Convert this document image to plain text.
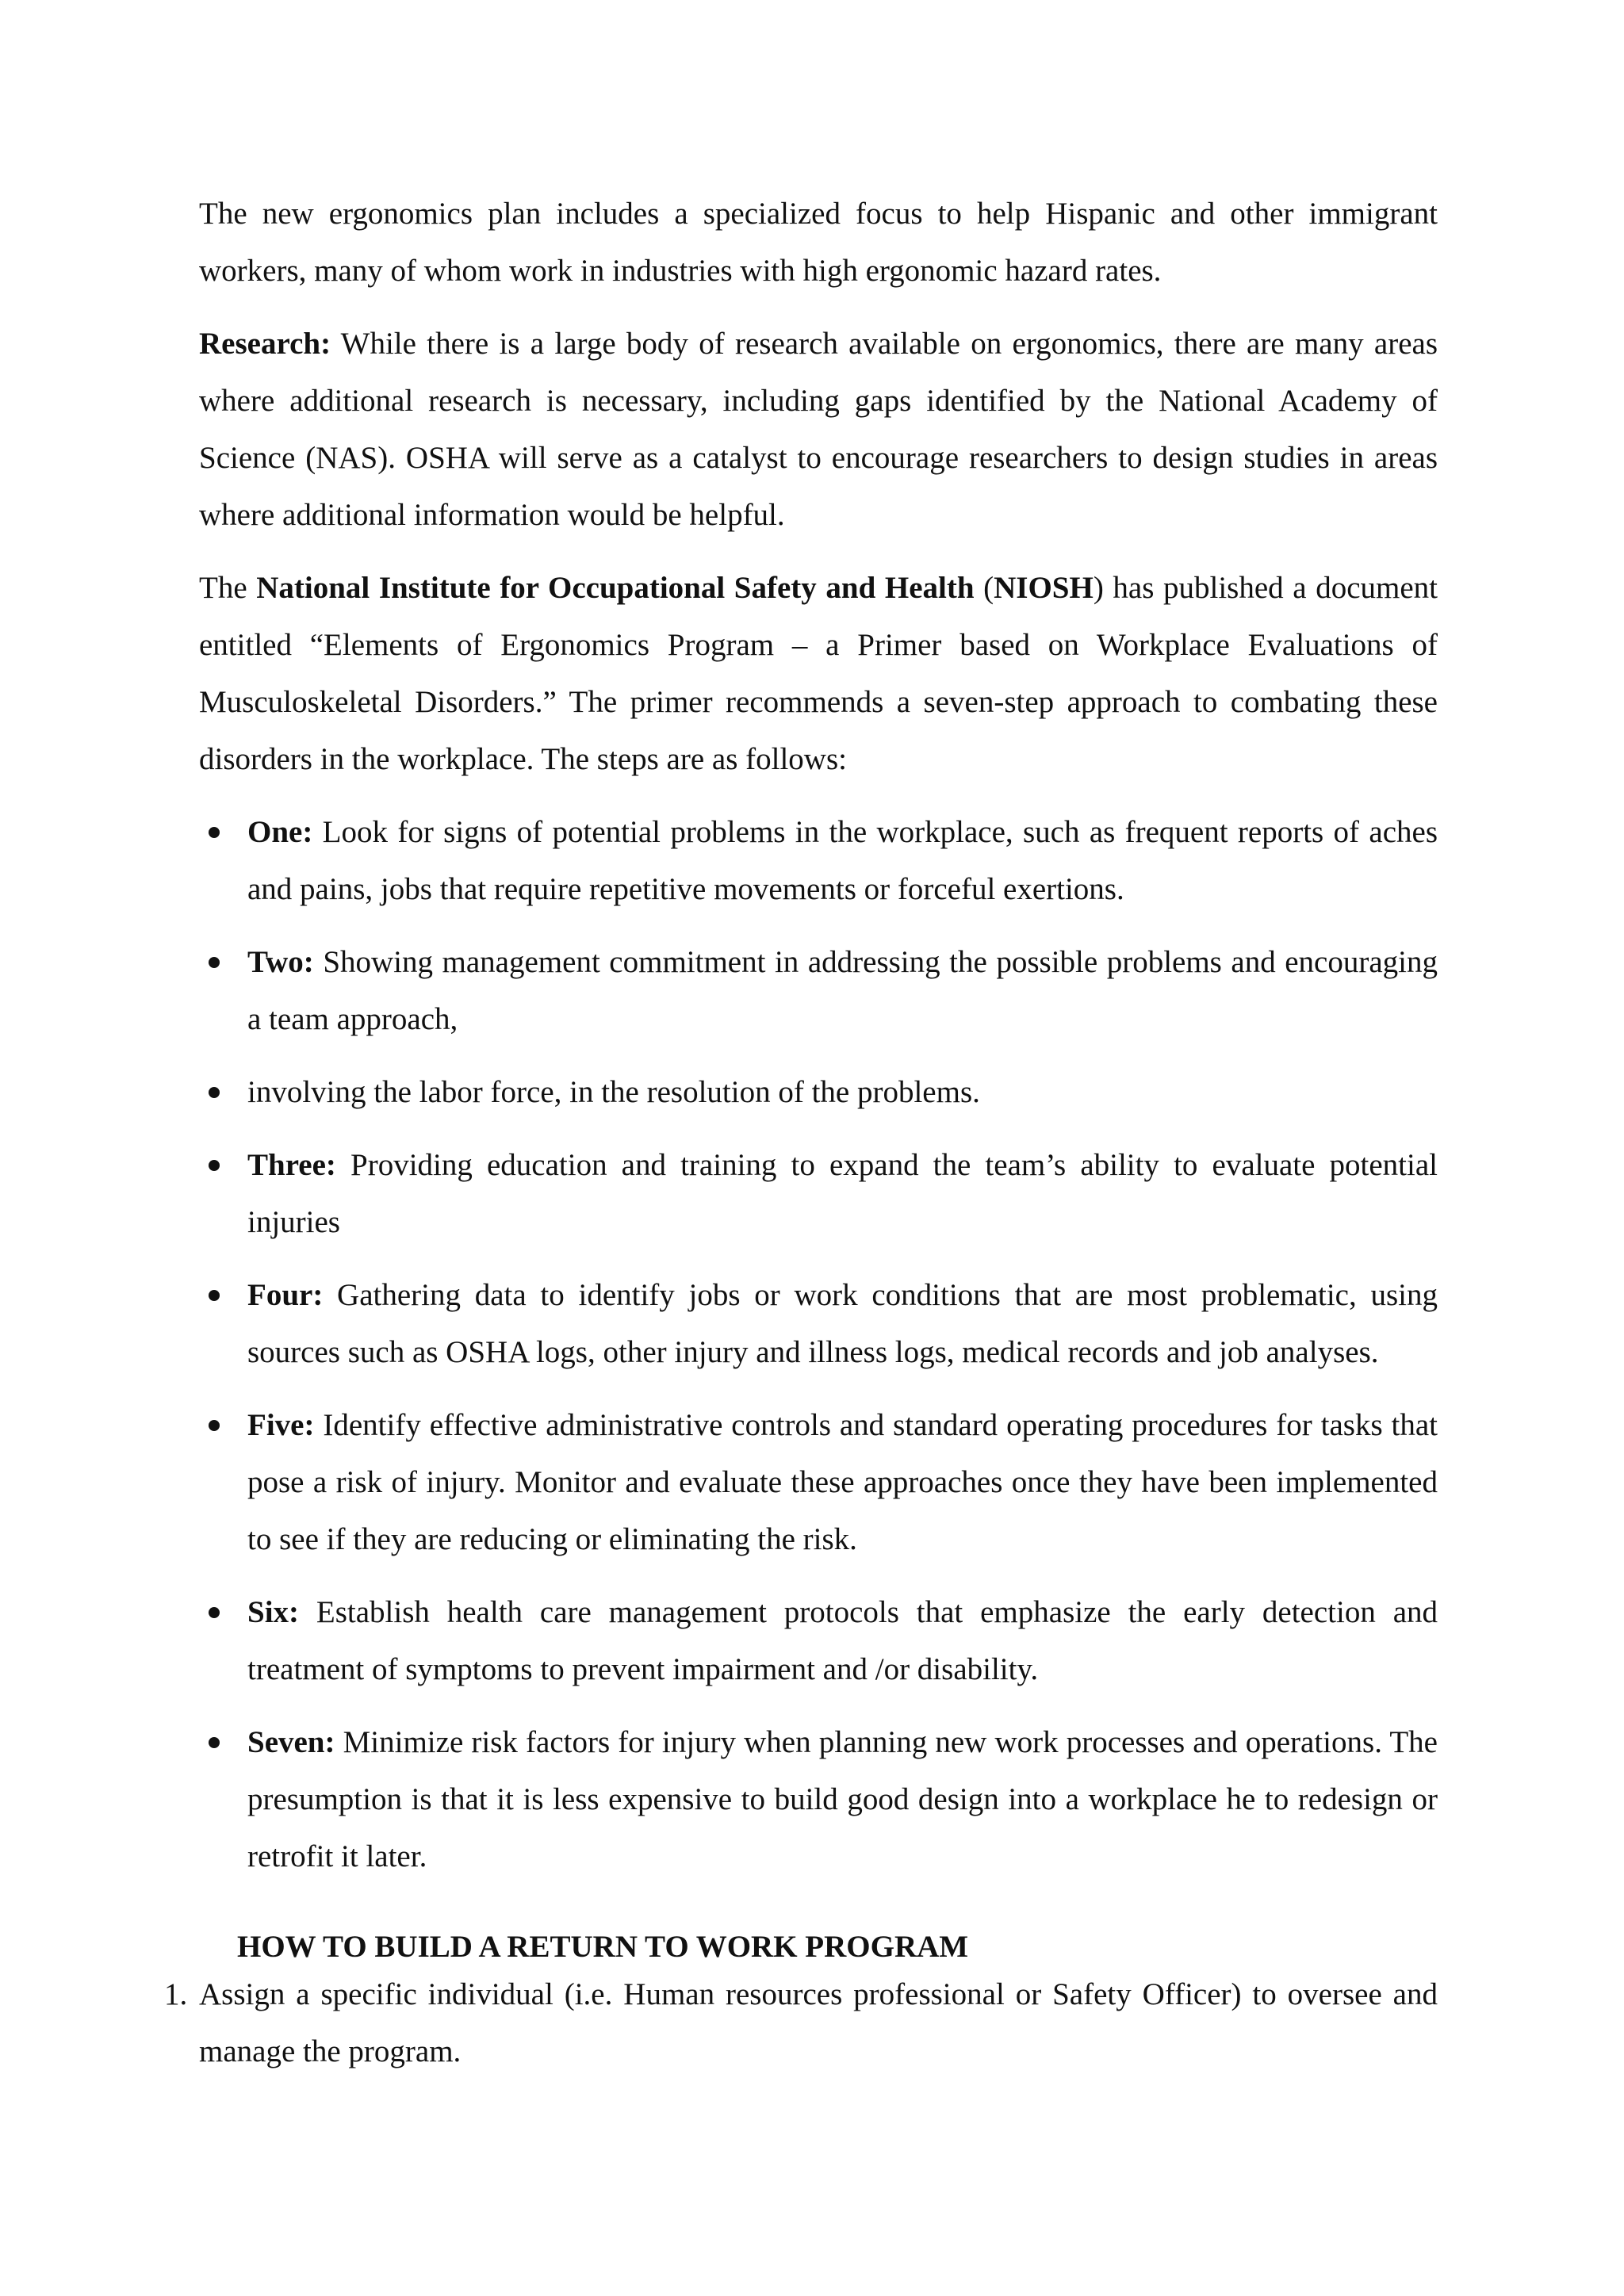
The new ergonomics plan includes a specialized focus to help Hispanic and other immigrant workers, many of whom work in industries with high ergonomic hazard rates.

Research: While there is a large body of research available on ergonomics, there are many areas where additional research is necessary, including gaps identified by the National Academy of Science (NAS). OSHA will serve as a catalyst to encourage researchers to design studies in areas where additional information would be helpful.

The National Institute for Occupational Safety and Health (NIOSH) has published a document entitled “Elements of Ergonomics Program – a Primer based on Workplace Evaluations of Musculoskeletal Disorders.” The primer recommends a seven-step approach to combating these disorders in the workplace. The steps are as follows:

One: Look for signs of potential problems in the workplace, such as frequent reports of aches and pains, jobs that require repetitive movements or forceful exertions.
Two: Showing management commitment in addressing the possible problems and encouraging a team approach,
involving the labor force, in the resolution of the problems.
Three: Providing education and training to expand the team’s ability to evaluate potential injuries
Four: Gathering data to identify jobs or work conditions that are most problematic, using sources such as OSHA logs, other injury and illness logs, medical records and job analyses.
Five: Identify effective administrative controls and standard operating procedures for tasks that pose a risk of injury. Monitor and evaluate these approaches once they have been implemented to see if they are reducing or eliminating the risk.
Six: Establish health care management protocols that emphasize the early detection and treatment of symptoms to prevent impairment and /or disability.
Seven: Minimize risk factors for injury when planning new work processes and operations. The presumption is that it is less expensive to build good design into a workplace he to redesign or retrofit it later.
HOW TO BUILD A RETURN TO WORK PROGRAM

1. Assign a specific individual (i.e. Human resources professional or Safety Officer) to oversee and manage the program.
